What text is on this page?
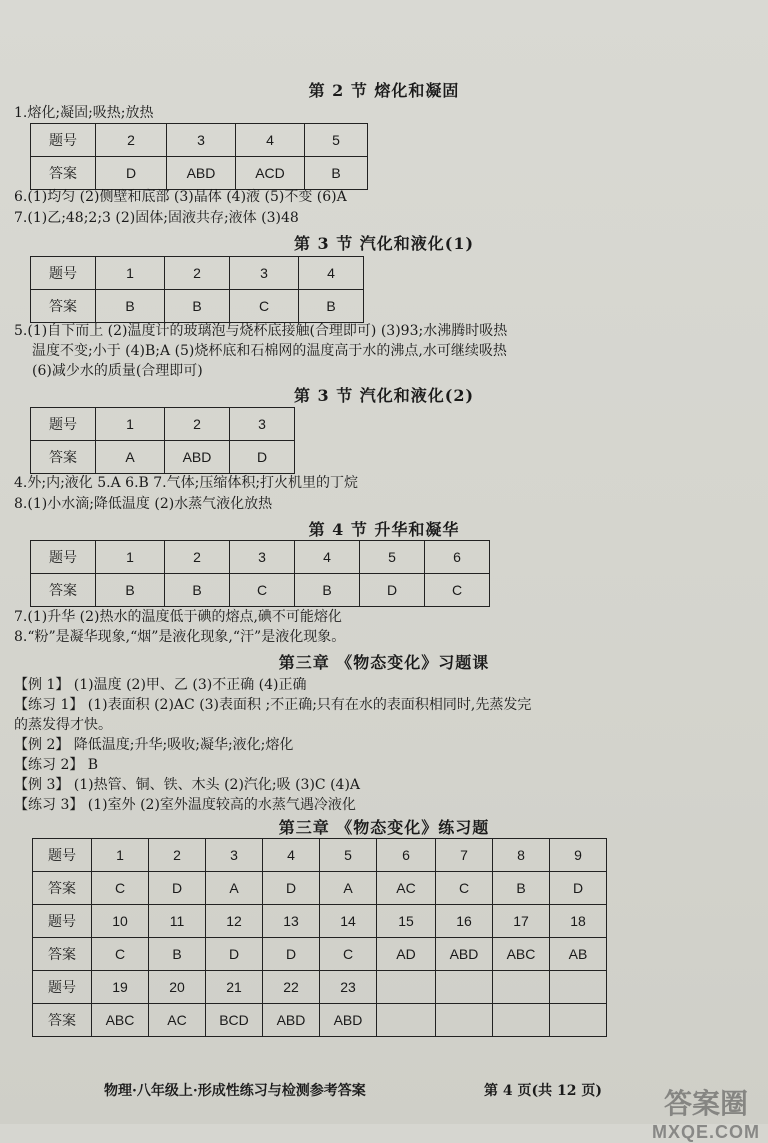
第 2 节 熔化和凝固
1.熔化;凝固;吸热;放热
题号	2	3	4	5
答案	D	ABD	ACD	B
6.(1)均匀 (2)侧壁和底部 (3)晶体 (4)液 (5)不变 (6)A
7.(1)乙;48;2;3 (2)固体;固液共存;液体 (3)48
第 3 节 汽化和液化(1)
题号	1	2	3	4
答案	B	B	C	B
5.(1)自下而上 (2)温度计的玻璃泡与烧杯底接触(合理即可) (3)93;水沸腾时吸热
温度不变;小于 (4)B;A (5)烧杯底和石棉网的温度高于水的沸点,水可继续吸热
(6)减少水的质量(合理即可)
第 3 节 汽化和液化(2)
题号	1	2	3
答案	A	ABD	D
4.外;内;液化 5.A 6.B 7.气体;压缩体积;打火机里的丁烷
8.(1)小水滴;降低温度 (2)水蒸气液化放热
第 4 节 升华和凝华
题号	1	2	3	4	5	6
答案	B	B	C	B	D	C
7.(1)升华 (2)热水的温度低于碘的熔点,碘不可能熔化
8.“粉”是凝华现象,“烟”是液化现象,“汗”是液化现象。
第三章 《物态变化》习题课
【例 1】 (1)温度 (2)甲、乙 (3)不正确 (4)正确
【练习 1】 (1)表面积 (2)AC (3)表面积 ;不正确;只有在水的表面积相同时,先蒸发完
的蒸发得才快。
【例 2】 降低温度;升华;吸收;凝华;液化;熔化
【练习 2】 B
【例 3】 (1)热管、铜、铁、木头 (2)汽化;吸 (3)C (4)A
【练习 3】 (1)室外 (2)室外温度较高的水蒸气遇冷液化
第三章 《物态变化》练习题
题号	1	2	3	4	5	6	7	8	9
答案	C	D	A	D	A	AC	C	B	D
题号	10	11	12	13	14	15	16	17	18
答案	C	B	D	D	C	AD	ABD	ABC	AB
题号	19	20	21	22	23				
答案	ABC	AC	BCD	ABD	ABD				
物理·八年级上·形成性练习与检测参考答案	第 4 页(共 12 页)	答案圈
MXQE.COM
